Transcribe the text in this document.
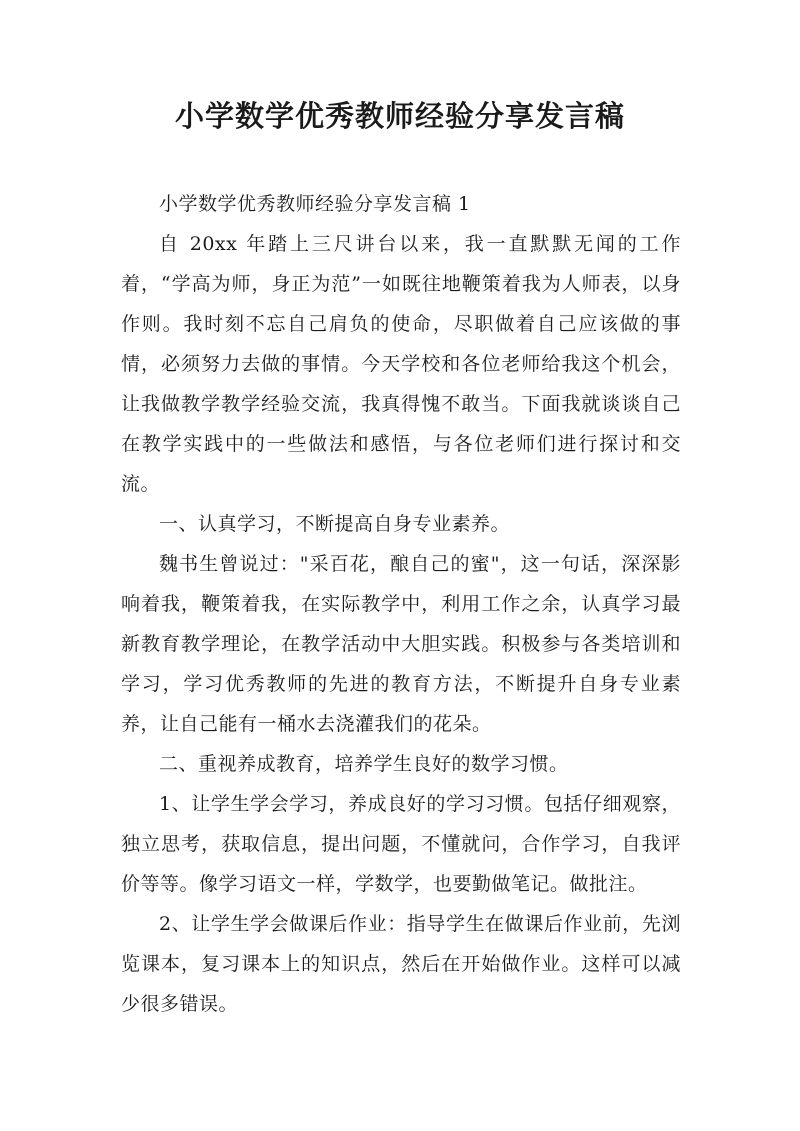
小学数学优秀教师经验分享发言稿

小学数学优秀教师经验分享发言稿 1

自 20xx 年踏上三尺讲台以来，我一直默默无闻的工作着，“学高为师，身正为范”一如既往地鞭策着我为人师表，以身作则。我时刻不忘自己肩负的使命，尽职做着自己应该做的事情，必须努力去做的事情。今天学校和各位老师给我这个机会，让我做教学教学经验交流，我真得愧不敢当。下面我就谈谈自己在教学实践中的一些做法和感悟，与各位老师们进行探讨和交流。

一、认真学习，不断提高自身专业素养。

魏书生曾说过："采百花，酿自己的蜜"，这一句话，深深影响着我，鞭策着我，在实际教学中，利用工作之余，认真学习最新教育教学理论，在教学活动中大胆实践。积极参与各类培训和学习，学习优秀教师的先进的教育方法，不断提升自身专业素养，让自己能有一桶水去浇灌我们的花朵。

二、重视养成教育，培养学生良好的数学习惯。

1、让学生学会学习，养成良好的学习习惯。包括仔细观察，独立思考，获取信息，提出问题，不懂就问，合作学习，自我评价等等。像学习语文一样，学数学，也要勤做笔记。做批注。

2、让学生学会做课后作业：指导学生在做课后作业前，先浏览课本，复习课本上的知识点，然后在开始做作业。这样可以减少很多错误。
